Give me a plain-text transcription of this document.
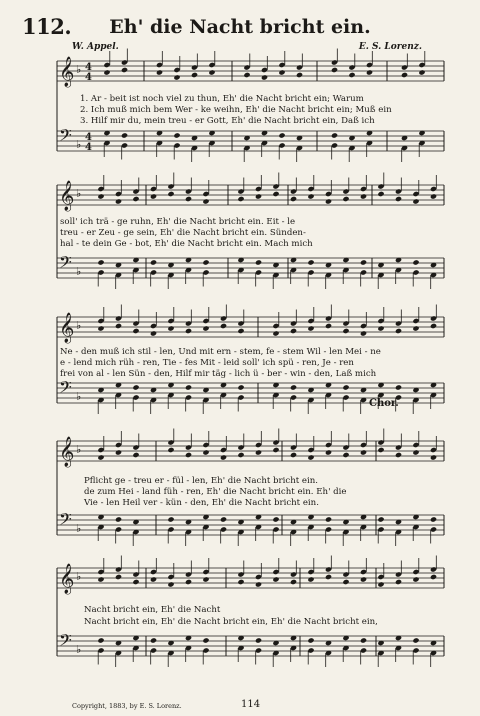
112.	Eh' die Nacht bricht ein.
W. Appel.	E. S. Lorenz.
𝄞 ♭ 4
4
𝄢 ♭
4
4
𝄞 ♭
𝄢 ♭
𝄞 ♭
𝄢 ♭
𝄞 ♭
𝄢 ♭
𝄞 ♭
𝄢 ♭
1. Ar - beit ist noch viel zu thun, Eh' die Nacht bricht ein; Warum
2. Ich muß mich bem Wer - ke weihn, Eh' die Nacht bricht ein; Muß ein
3. Hilf mir du, mein treu - er Gott, Eh' die Nacht bricht ein, Daß ich
soll' ich trä - ge ruhn, Eh' die Nacht bricht ein. Eit - le
treu - er Zeu - ge sein, Eh' die Nacht bricht ein. Sünden-
hal - te dein Ge - bot, Eh' die Nacht bricht ein. Mach mich
Ne - den muß ich stil - len, Und mit ern - stem, fe - stem Wil - len Mei - ne
e - lend mich rüh - ren, Tie - fes Mit - leid soll' ich spü - ren, Je - ren
frei von al - len Sün - den, Hilf mir täg - lich ü - ber - win - den, Laß mich
Chor.
Pflicht ge - treu er - fül - len, Eh' die Nacht bricht ein.
de zum Hei - land füh - ren, Eh' die Nacht bricht ein. Eh' die
Vie - len Heil ver - kün - den, Eh' die Nacht bricht ein.
Nacht bricht ein, Eh' die Nacht
Nacht bricht ein, Eh' die Nacht bricht ein, Eh' die Nacht bricht ein,
Copyright, 1883, by E. S. Lorenz.	114
